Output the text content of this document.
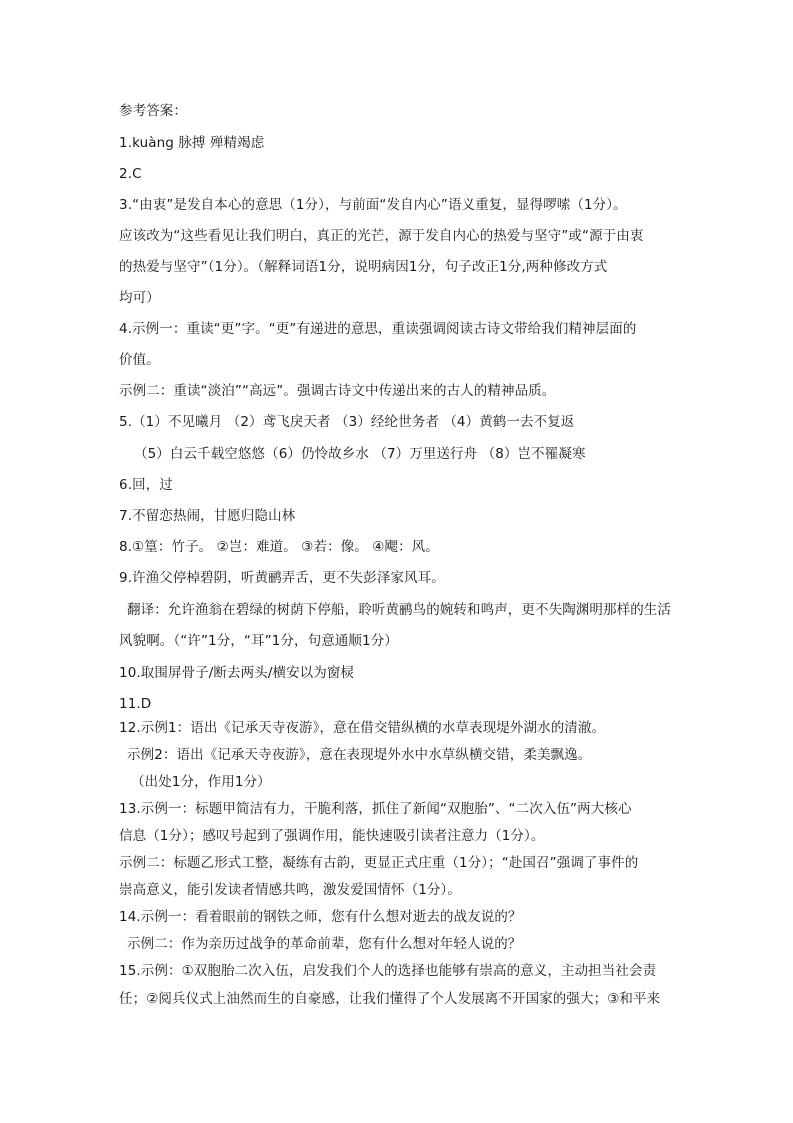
参考答案：
1.kuàng 脉搏 殚精竭虑
2.C
3.“由衷”是发自本心的意思（1分），与前面“发自内心”语义重复，显得啰嗦（1分）。
应该改为“这些看见让我们明白，真正的光芒，源于发自内心的热爱与坚守”或“源于由衷
的热爱与坚守”（1分）。（解释词语1分，说明病因1分，句子改正1分,两种修改方式
均可）
4.示例一：重读“更”字。“更”有递进的意思，重读强调阅读古诗文带给我们精神层面的
价值。
示例二：重读“淡泊”“高远”。强调古诗文中传递出来的古人的精神品质。
5.（1）不见曦月 （2）鸢飞戾天者 （3）经纶世务者 （4）黄鹤一去不复返
（5）白云千载空悠悠（6）仍怜故乡水 （7）万里送行舟 （8）岂不罹凝寒
6.回，过
7.不留恋热闹，甘愿归隐山林
8.①篁：竹子。 ②岂：难道。 ③若：像。 ④飔：风。
9.许渔父停棹碧阴，听黄鹂弄舌，更不失彭泽家风耳。
翻译：允许渔翁在碧绿的树荫下停船，聆听黄鹂鸟的婉转和鸣声，更不失陶渊明那样的生活
风貌啊。（“许”1分，“耳”1分，句意通顺1分）
10.取围屏骨子/断去两头/横安以为窗棂
11.D
12.示例1：语出《记承天寺夜游》，意在借交错纵横的水草表现堤外湖水的清澈。
示例2：语出《记承天寺夜游》，意在表现堤外水中水草纵横交错，柔美飘逸。
（出处1分，作用1分）
13.示例一：标题甲简洁有力，干脆利落，抓住了新闻“双胞胎”、“二次入伍”两大核心
信息（1分）；感叹号起到了强调作用，能快速吸引读者注意力（1分）。
示例二：标题乙形式工整，凝练有古韵，更显正式庄重（1分）；“赴国召”强调了事件的
崇高意义，能引发读者情感共鸣，激发爱国情怀（1分）。
14.示例一：看着眼前的钢铁之师，您有什么想对逝去的战友说的？
示例二：作为亲历过战争的革命前辈，您有什么想对年轻人说的？
15.示例：①双胞胎二次入伍，启发我们个人的选择也能够有崇高的意义，主动担当社会责
任；②阅兵仪式上油然而生的自豪感，让我们懂得了个人发展离不开国家的强大；③和平来
